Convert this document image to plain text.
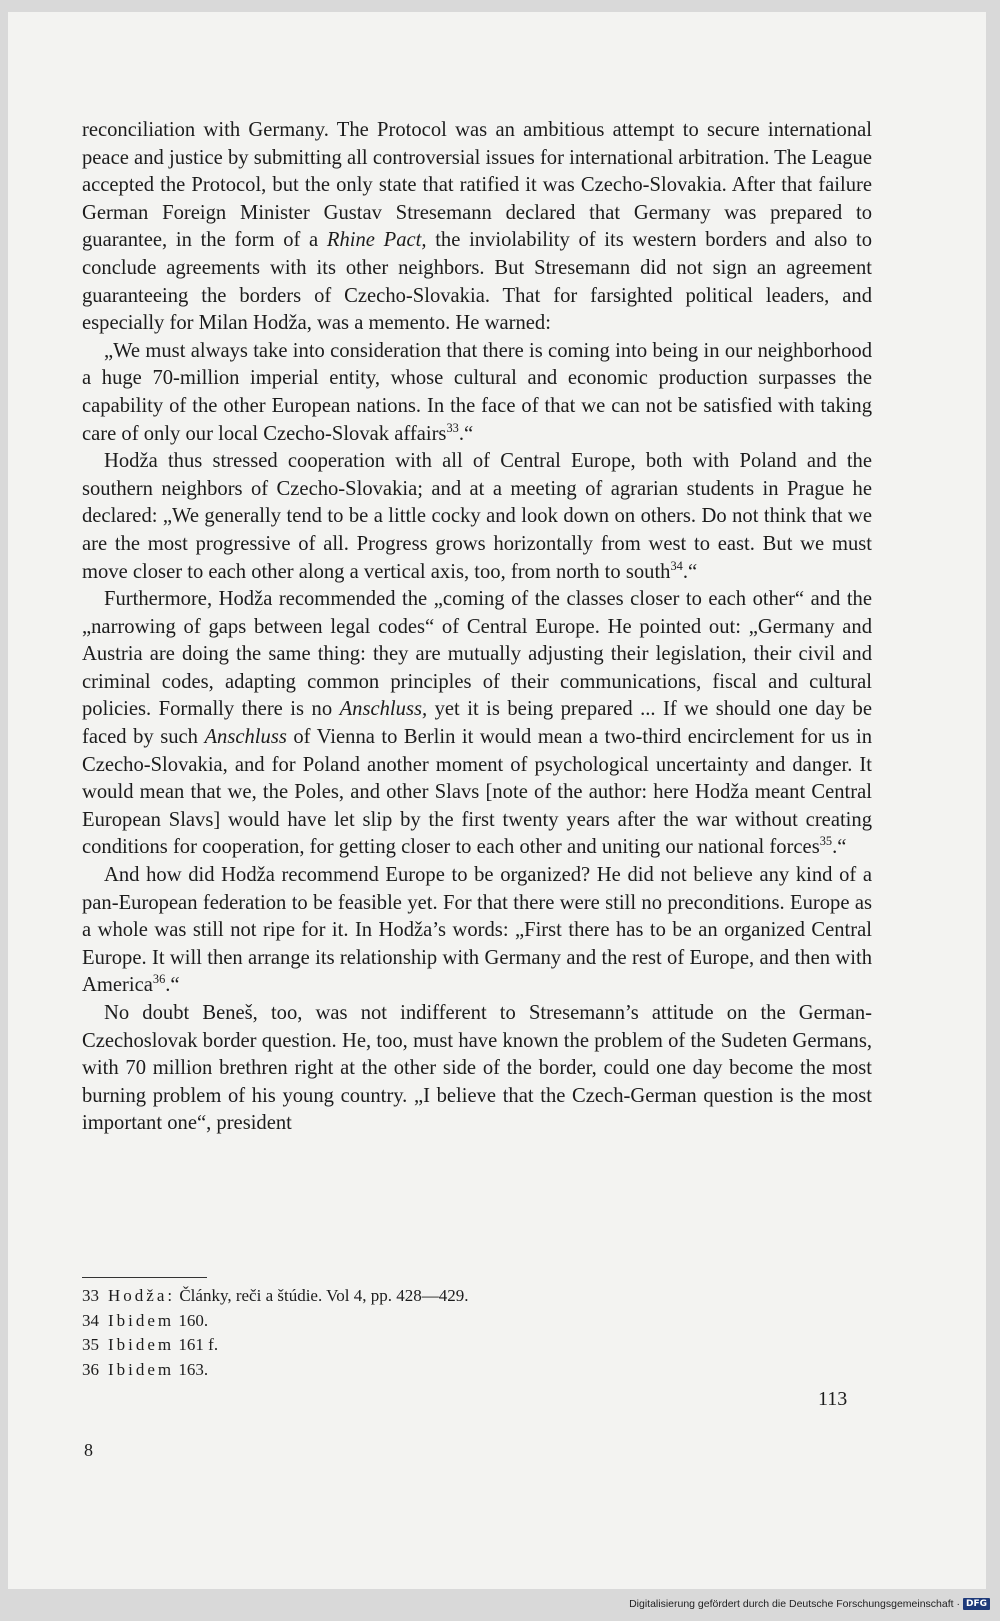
reconciliation with Germany. The Protocol was an ambitious attempt to secure international peace and justice by submitting all controversial issues for international arbitration. The League accepted the Protocol, but the only state that ratified it was Czecho-Slovakia. After that failure German Foreign Minister Gustav Stresemann declared that Germany was prepared to guarantee, in the form of a Rhine Pact, the inviolability of its western borders and also to conclude agreements with its other neighbors. But Stresemann did not sign an agreement guaranteeing the borders of Czecho-Slovakia. That for farsighted political leaders, and especially for Milan Hodža, was a memento. He warned:

„We must always take into consideration that there is coming into being in our neighborhood a huge 70-million imperial entity, whose cultural and economic production surpasses the capability of the other European nations. In the face of that we can not be satisfied with taking care of only our local Czecho-Slovak affairs$^{33}$.“

Hodža thus stressed cooperation with all of Central Europe, both with Poland and the southern neighbors of Czecho-Slovakia; and at a meeting of agrarian students in Prague he declared: „We generally tend to be a little cocky and look down on others. Do not think that we are the most progressive of all. Progress grows horizontally from west to east. But we must move closer to each other along a vertical axis, too, from north to south$^{34}$.“

Furthermore, Hodža recommended the „coming of the classes closer to each other“ and the „narrowing of gaps between legal codes“ of Central Europe. He pointed out: „Germany and Austria are doing the same thing: they are mutually adjusting their legislation, their civil and criminal codes, adapting common principles of their communications, fiscal and cultural policies. Formally there is no Anschluss, yet it is being prepared ... If we should one day be faced by such Anschluss of Vienna to Berlin it would mean a two-third encirclement for us in Czecho-Slovakia, and for Poland another moment of psychological uncertainty and danger. It would mean that we, the Poles, and other Slavs [note of the author: here Hodža meant Central European Slavs] would have let slip by the first twenty years after the war without creating conditions for cooperation, for getting closer to each other and uniting our national forces$^{35}$.“

And how did Hodža recommend Europe to be organized? He did not believe any kind of a pan-European federation to be feasible yet. For that there were still no preconditions. Europe as a whole was still not ripe for it. In Hodža’s words: „First there has to be an organized Central Europe. It will then arrange its relationship with Germany and the rest of Europe, and then with America$^{36}$.“

No doubt Beneš, too, was not indifferent to Stresemann’s attitude on the German-Czechoslovak border question. He, too, must have known the problem of the Sudeten Germans, with 70 million brethren right at the other side of the border, could one day become the most burning problem of his young country. „I believe that the Czech-German question is the most important one“, president

33 Hodža: Články, reči a štúdie. Vol 4, pp. 428—429.
34 Ibidem 160.
35 Ibidem 161 f.
36 Ibidem 163.
113
8
Digitalisierung gefördert durch die Deutsche Forschungsgemeinschaft · DFG
